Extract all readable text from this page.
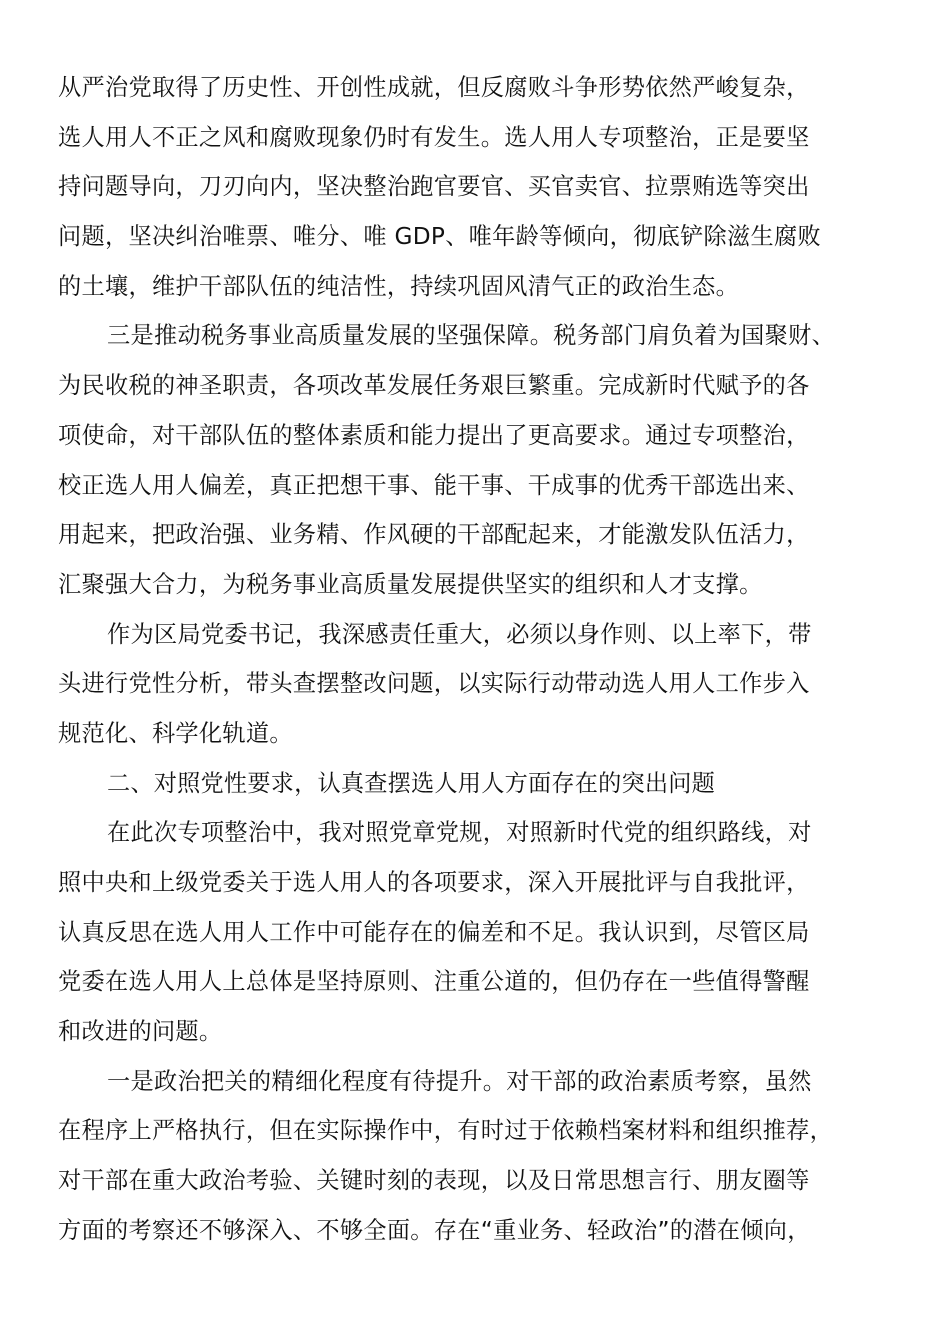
从严治党取得了历史性、开创性成就，但反腐败斗争形势依然严峻复杂，
选人用人不正之风和腐败现象仍时有发生。选人用人专项整治，正是要坚
持问题导向，刀刃向内，坚决整治跑官要官、买官卖官、拉票贿选等突出
问题，坚决纠治唯票、唯分、唯 GDP、唯年龄等倾向，彻底铲除滋生腐败
的土壤，维护干部队伍的纯洁性，持续巩固风清气正的政治生态。
三是推动税务事业高质量发展的坚强保障。税务部门肩负着为国聚财、
为民收税的神圣职责，各项改革发展任务艰巨繁重。完成新时代赋予的各
项使命，对干部队伍的整体素质和能力提出了更高要求。通过专项整治，
校正选人用人偏差，真正把想干事、能干事、干成事的优秀干部选出来、
用起来，把政治强、业务精、作风硬的干部配起来，才能激发队伍活力，
汇聚强大合力，为税务事业高质量发展提供坚实的组织和人才支撑。
作为区局党委书记，我深感责任重大，必须以身作则、以上率下，带
头进行党性分析，带头查摆整改问题，以实际行动带动选人用人工作步入
规范化、科学化轨道。
二、对照党性要求，认真查摆选人用人方面存在的突出问题
在此次专项整治中，我对照党章党规，对照新时代党的组织路线，对
照中央和上级党委关于选人用人的各项要求，深入开展批评与自我批评，
认真反思在选人用人工作中可能存在的偏差和不足。我认识到，尽管区局
党委在选人用人上总体是坚持原则、注重公道的，但仍存在一些值得警醒
和改进的问题。
一是政治把关的精细化程度有待提升。对干部的政治素质考察，虽然
在程序上严格执行，但在实际操作中，有时过于依赖档案材料和组织推荐，
对干部在重大政治考验、关键时刻的表现，以及日常思想言行、朋友圈等
方面的考察还不够深入、不够全面。存在“重业务、轻政治”的潜在倾向，
